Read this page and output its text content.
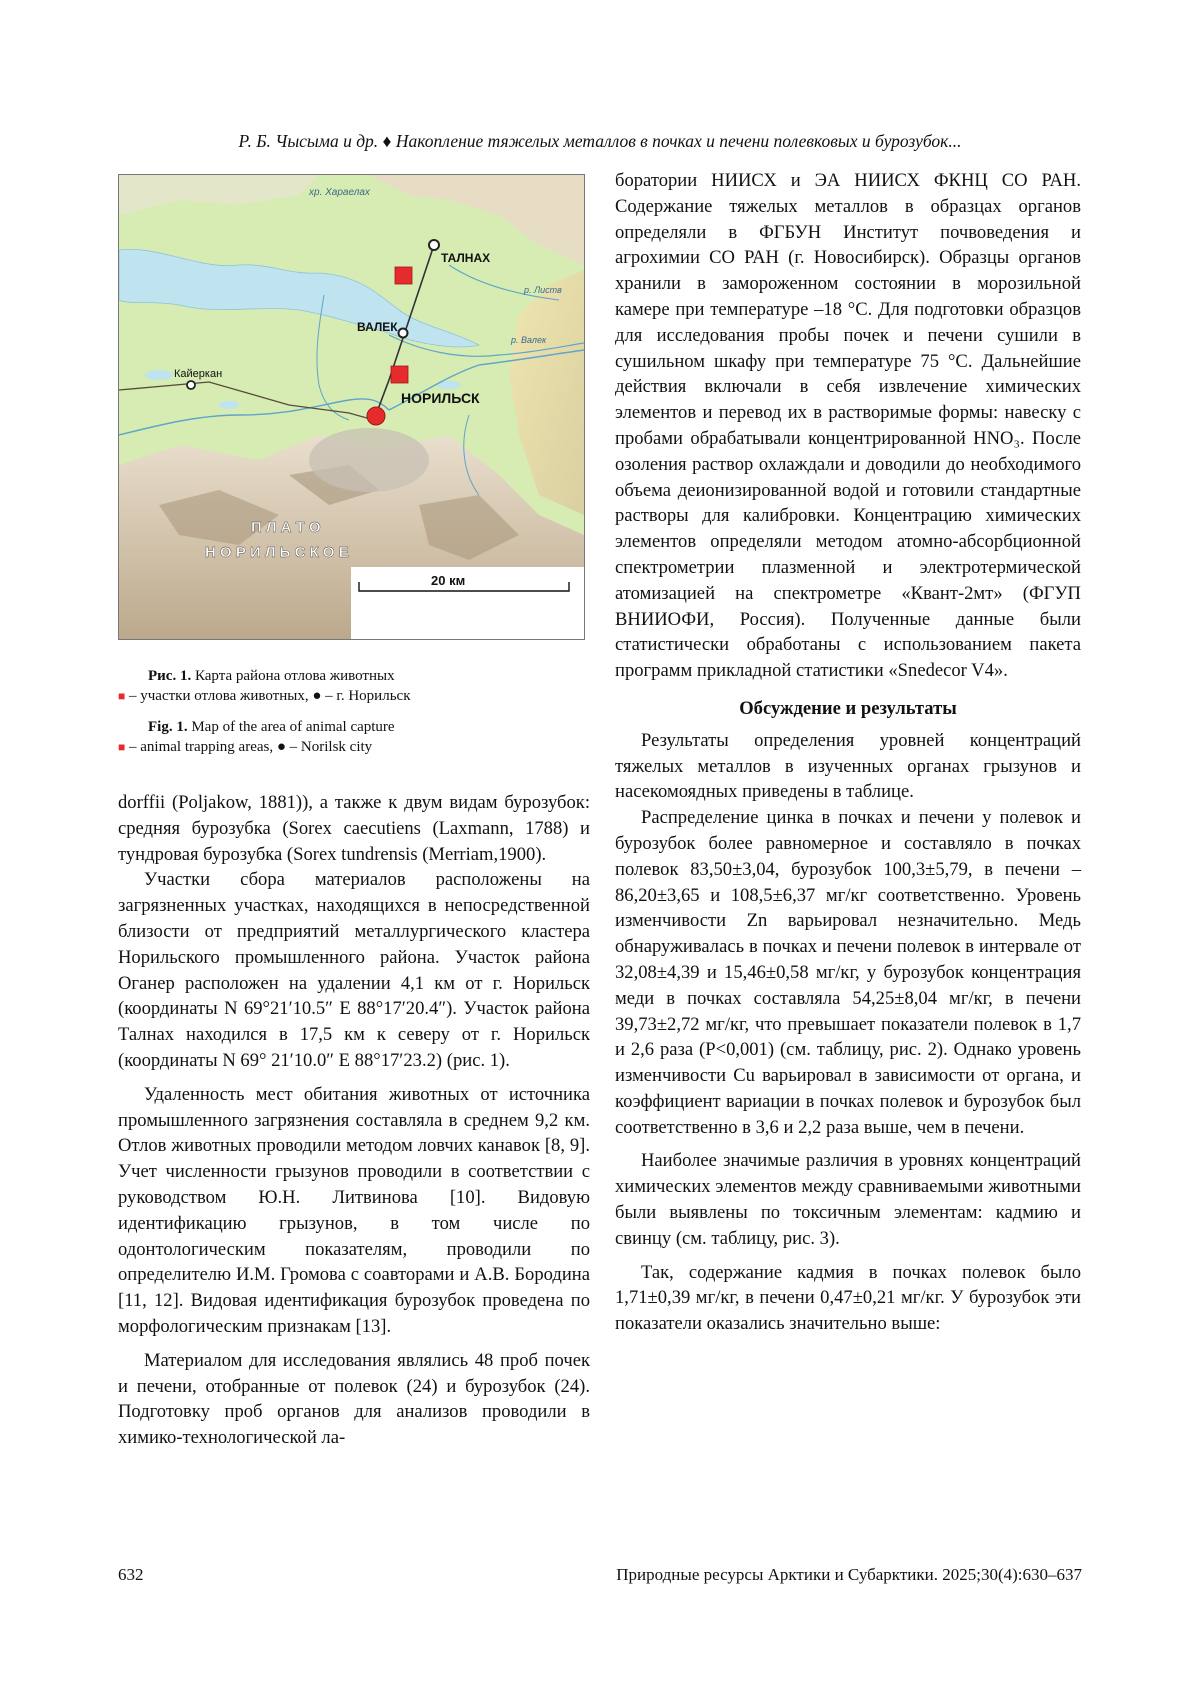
Р. Б. Чысыма и др. ♦ Накопление тяжелых металлов в почках и печени полевковых и бурозубок...
хр. Хараелах
ТАЛНАХ
ВАЛЕК
НОРИЛЬСК
Кайеркан
р. Валек
р. Листв
П Л А Т О
Н О Р И Л Ь С К О Е
20 км
Рис. 1. Карта района отлова животных
■ – участки отлова животных, ● – г. Норильск
Fig. 1. Map of the area of animal capture
■ – animal trapping areas, ● – Norilsk city

dorffii (Poljakow, 1881)), а также к двум видам бурозубок: средняя бурозубка (Sorex caecutiens (Laxmann, 1788) и тундровая бурозубка (Sorex tundrensis (Merriam,1900).

Участки сбора материалов расположены на загрязненных участках, находящихся в непосредственной близости от предприятий металлургического кластера Норильского промышленного района. Участок района Оганер расположен на удалении 4,1 км от г. Норильск (координаты N 69°21′10.5″ E 88°17′20.4″). Участок района Талнах находился в 17,5 км к северу от г. Норильск (координаты N 69° 21′10.0″ E 88°17′23.2) (рис. 1).

Удаленность мест обитания животных от источника промышленного загрязнения составляла в среднем 9,2 км. Отлов животных проводили методом ловчих канавок [8, 9]. Учет численности грызунов проводили в соответствии с руководством Ю.Н. Литвинова [10]. Видовую идентификацию грызунов, в том числе по одонтологическим показателям, проводили по определителю И.М. Громова с соавторами и А.В. Бородина [11, 12]. Видовая идентификация бурозубок проведена по морфологическим признакам [13].

Материалом для исследования являлись 48 проб почек и печени, отобранные от полевок (24) и бурозубок (24). Подготовку проб органов для анализов проводили в химико-технологической ла-

боратории НИИСХ и ЭА НИИСХ ФКНЦ СО РАН. Содержание тяжелых металлов в образцах органов определяли в ФГБУН Институт почвоведения и агрохимии СО РАН (г. Новосибирск). Образцы органов хранили в замороженном состоянии в морозильной камере при температуре –18 °C. Для подготовки образцов для исследования пробы почек и печени сушили в сушильном шкафу при температуре 75 °C. Дальнейшие действия включали в себя извлечение химических элементов и перевод их в растворимые формы: навеску с пробами обрабатывали концентрированной HNO₃. После озоления раствор охлаждали и доводили до необходимого объема деионизированной водой и готовили стандартные растворы для калибровки. Концентрацию химических элементов определяли методом атомно-абсорбционной спектрометрии плазменной и электротермической атомизацией на спектрометре «Квант-2мт» (ФГУП ВНИИОФИ, Россия). Полученные данные были статистически обработаны с использованием пакета программ прикладной статистики «Snedecor V4».

Обсуждение и результаты

Результаты определения уровней концентраций тяжелых металлов в изученных органах грызунов и насекомоядных приведены в таблице.

Распределение цинка в почках и печени у полевок и бурозубок более равномерное и составляло в почках полевок 83,50±3,04, бурозубок 100,3±5,79, в печени – 86,20±3,65 и 108,5±6,37 мг/кг соответственно. Уровень изменчивости Zn варьировал незначительно. Медь обнаруживалась в почках и печени полевок в интервале от 32,08±4,39 и 15,46±0,58 мг/кг, у бурозубок концентрация меди в почках составляла 54,25±8,04 мг/кг, в печени 39,73±2,72 мг/кг, что превышает показатели полевок в 1,7 и 2,6 раза (P<0,001) (см. таблицу, рис. 2). Однако уровень изменчивости Cu варьировал в зависимости от органа, и коэффициент вариации в почках полевок и бурозубок был соответственно в 3,6 и 2,2 раза выше, чем в печени.

Наиболее значимые различия в уровнях концентраций химических элементов между сравниваемыми животными были выявлены по токсичным элементам: кадмию и свинцу (см. таблицу, рис. 3).

Так, содержание кадмия в почках полевок было 1,71±0,39 мг/кг, в печени 0,47±0,21 мг/кг. У бурозубок эти показатели оказались значительно выше:

632	Природные ресурсы Арктики и Субарктики. 2025;30(4):630–637
